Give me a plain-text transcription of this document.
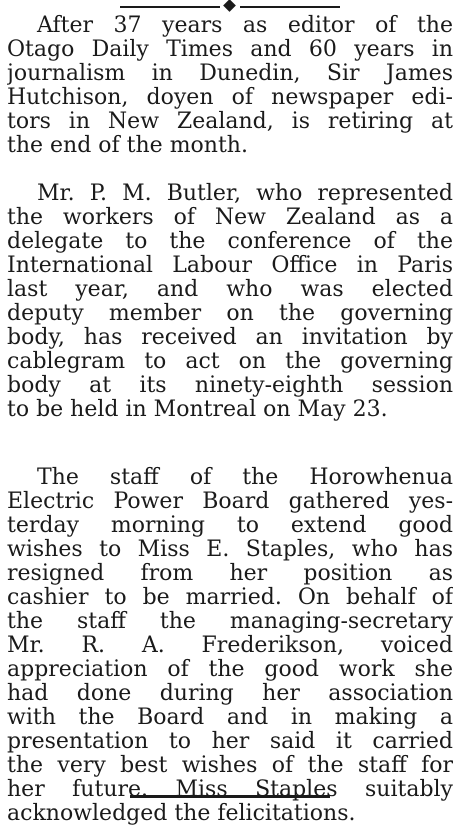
After 37 years as editor of the
Otago Daily Times and 60 years in
journalism in Dunedin, Sir James
Hutchison, doyen of newspaper edi-
tors in New Zealand, is retiring at
the end of the month.

Mr. P. M. Butler, who represented
the workers of New Zealand as a
delegate to the conference of the
International Labour Office in Paris
last year, and who was elected
deputy member on the governing
body, has received an invitation by
cablegram to act on the governing
body at its ninety-eighth session
to be held in Montreal on May 23.

The staff of the Horowhenua
Electric Power Board gathered yes-
terday morning to extend good
wishes to Miss E. Staples, who has
resigned from her position as
cashier to be married. On behalf of
the staff the managing-secretary
Mr. R. A. Frederikson, voiced
appreciation of the good work she
had done during her association
with the Board and in making a
presentation to her said it carried
the very best wishes of the staff for
her future. Miss Staples suitably
acknowledged the felicitations.
